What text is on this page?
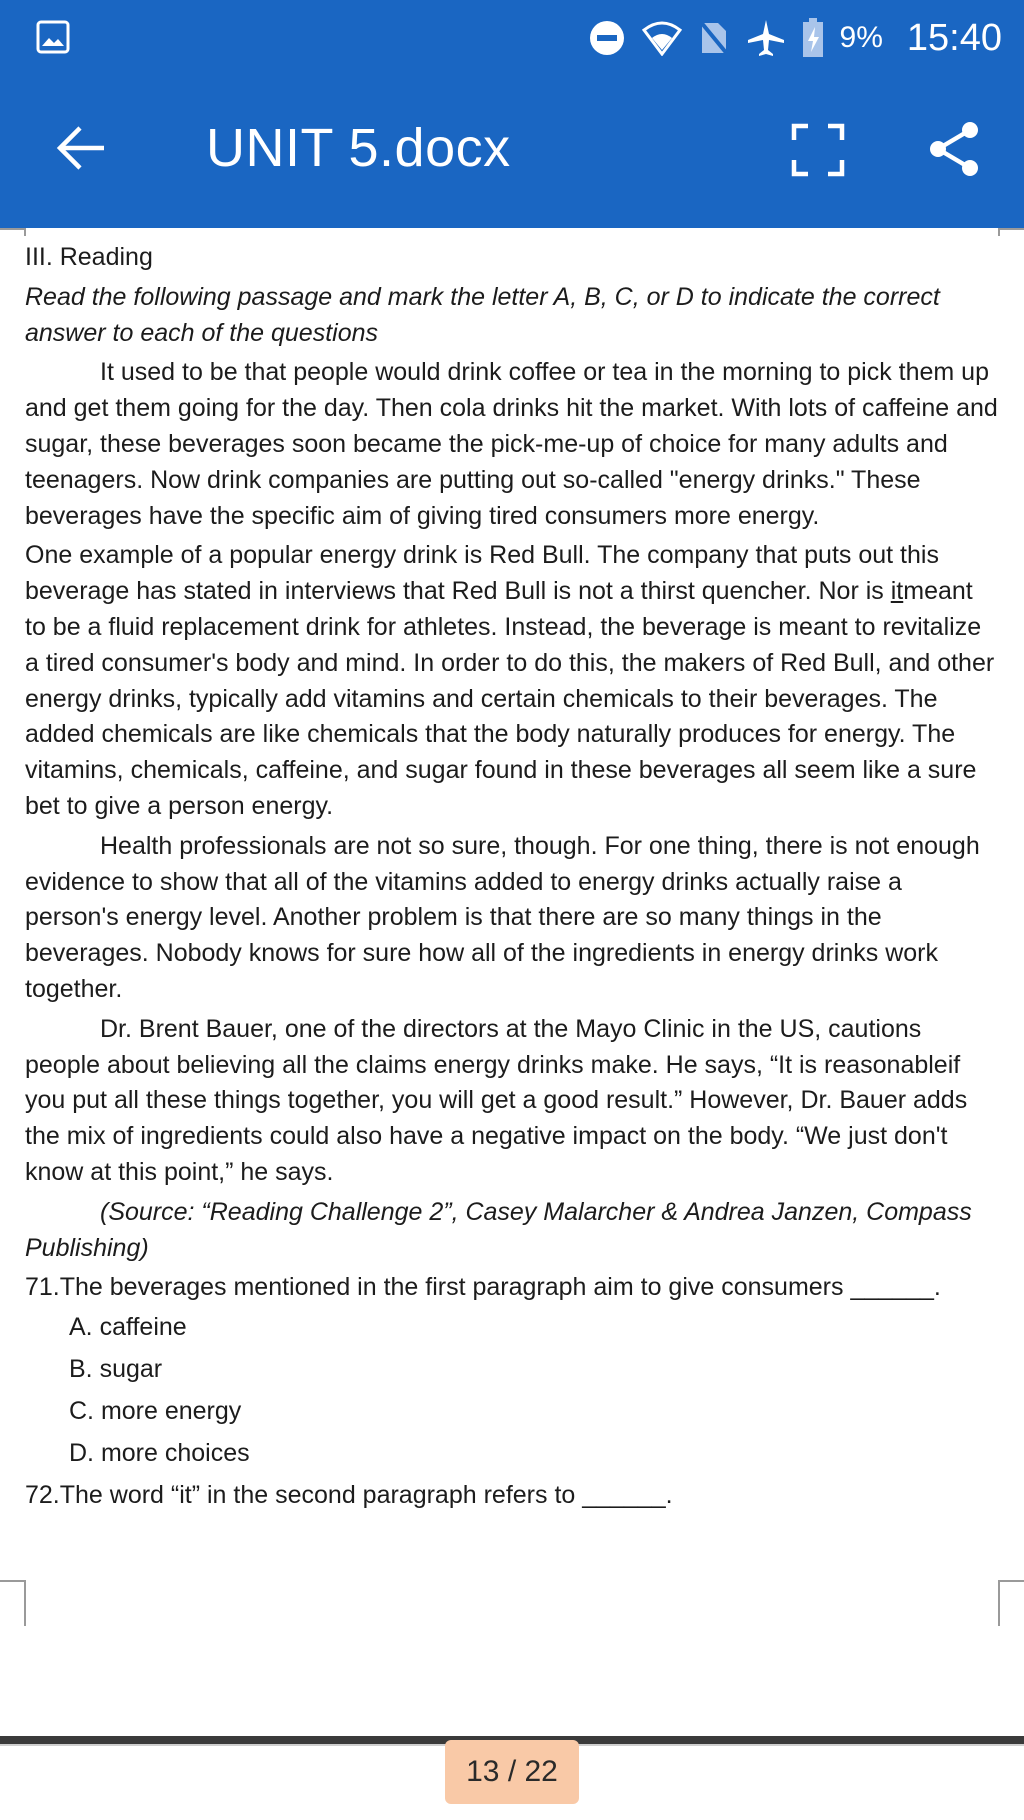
9% 15:40
UNIT 5.docx

III. Reading

Read the following passage and mark the letter A, B, C, or D to indicate the correct answer to each of the questions

It used to be that people would drink coffee or tea in the morning to pick them up and get them going for the day. Then cola drinks hit the market. With lots of caffeine and sugar, these beverages soon became the pick-me-up of choice for many adults and teenagers. Now drink companies are putting out so-called "energy drinks." These beverages have the specific aim of giving tired consumers more energy.

One example of a popular energy drink is Red Bull. The company that puts out this beverage has stated in interviews that Red Bull is not a thirst quencher. Nor is itmeant to be a fluid replacement drink for athletes. Instead, the beverage is meant to revitalize a tired consumer's body and mind. In order to do this, the makers of Red Bull, and other energy drinks, typically add vitamins and certain chemicals to their beverages. The added chemicals are like chemicals that the body naturally produces for energy. The vitamins, chemicals, caffeine, and sugar found in these beverages all seem like a sure bet to give a person energy.

Health professionals are not so sure, though. For one thing, there is not enough evidence to show that all of the vitamins added to energy drinks actually raise a person's energy level. Another problem is that there are so many things in the beverages. Nobody knows for sure how all of the ingredients in energy drinks work together.

Dr. Brent Bauer, one of the directors at the Mayo Clinic in the US, cautions people about believing all the claims energy drinks make. He says, “It is reasonableif you put all these things together, you will get a good result.” However, Dr. Bauer adds the mix of ingredients could also have a negative impact on the body. “We just don't know at this point,” he says.

(Source: “Reading Challenge 2”, Casey Malarcher & Andrea Janzen, Compass Publishing)

71.The beverages mentioned in the first paragraph aim to give consumers ______.

A. caffeine

B. sugar

C. more energy

D. more choices

72.The word “it” in the second paragraph refers to ______.

13 / 22
